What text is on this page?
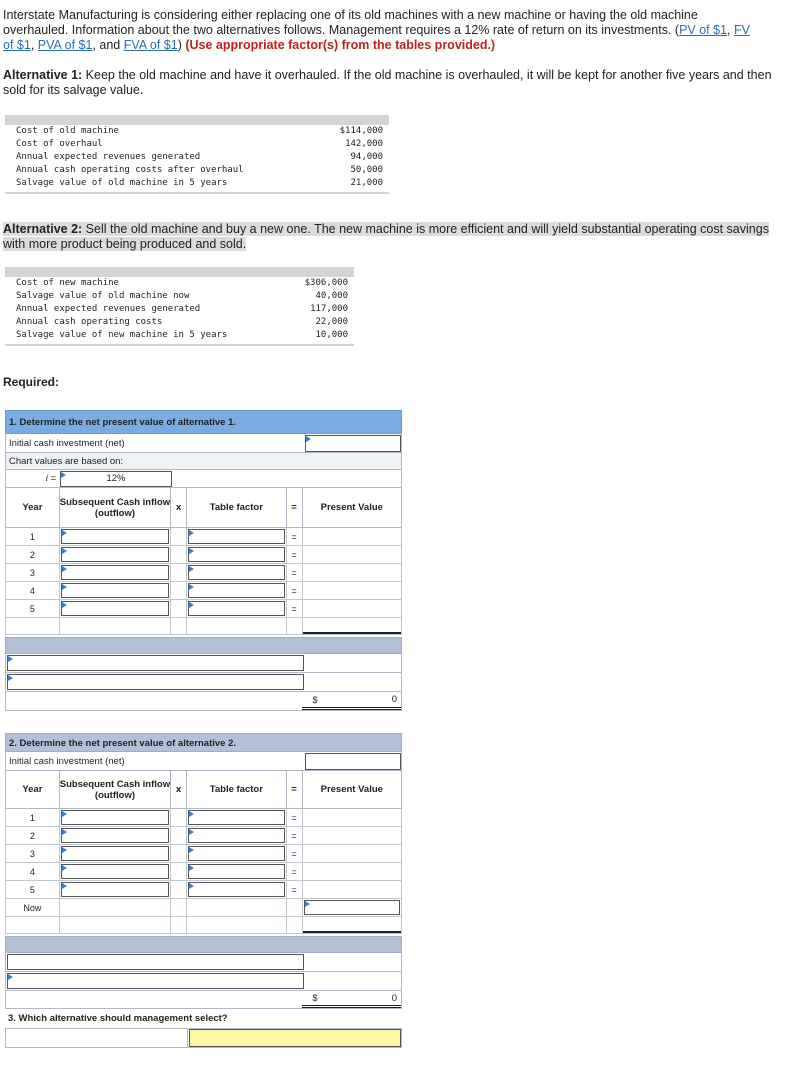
Interstate Manufacturing is considering either replacing one of its old machines with a new machine or having the old machine overhauled. Information about the two alternatives follows. Management requires a 12% rate of return on its investments. (PV of $1, FV of $1, PVA of $1, and FVA of $1) (Use appropriate factor(s) from the tables provided.)
Alternative 1: Keep the old machine and have it overhauled. If the old machine is overhauled, it will be kept for another five years and then sold for its salvage value.
Cost of old machine	$114,000
Cost of overhaul	142,000
Annual expected revenues generated	94,000
Annual cash operating costs after overhaul	50,000
Salvage value of old machine in 5 years	21,000
Alternative 2: Sell the old machine and buy a new one. The new machine is more efficient and will yield substantial operating cost savings with more product being produced and sold.
Cost of new machine	$306,000
Salvage value of old machine now	40,000
Annual expected revenues generated	117,000
Annual cash operating costs	22,000
Salvage value of new machine in 5 years	10,000
Required:
1. Determine the net present value of alternative 1.
Initial cash investment (net)
Chart values are based on:
i =	12%
Year	Subsequent Cash inflow (outflow)	x	Table factor	=	Present Value
1	=
2	=
3	=
4	=
5	=
$	0
2. Determine the net present value of alternative 2.
Initial cash investment (net)
Year	Subsequent Cash inflow (outflow)	x	Table factor	=	Present Value
1	=
2	=
3	=
4	=
5	=
Now
$	0
3. Which alternative should management select?
